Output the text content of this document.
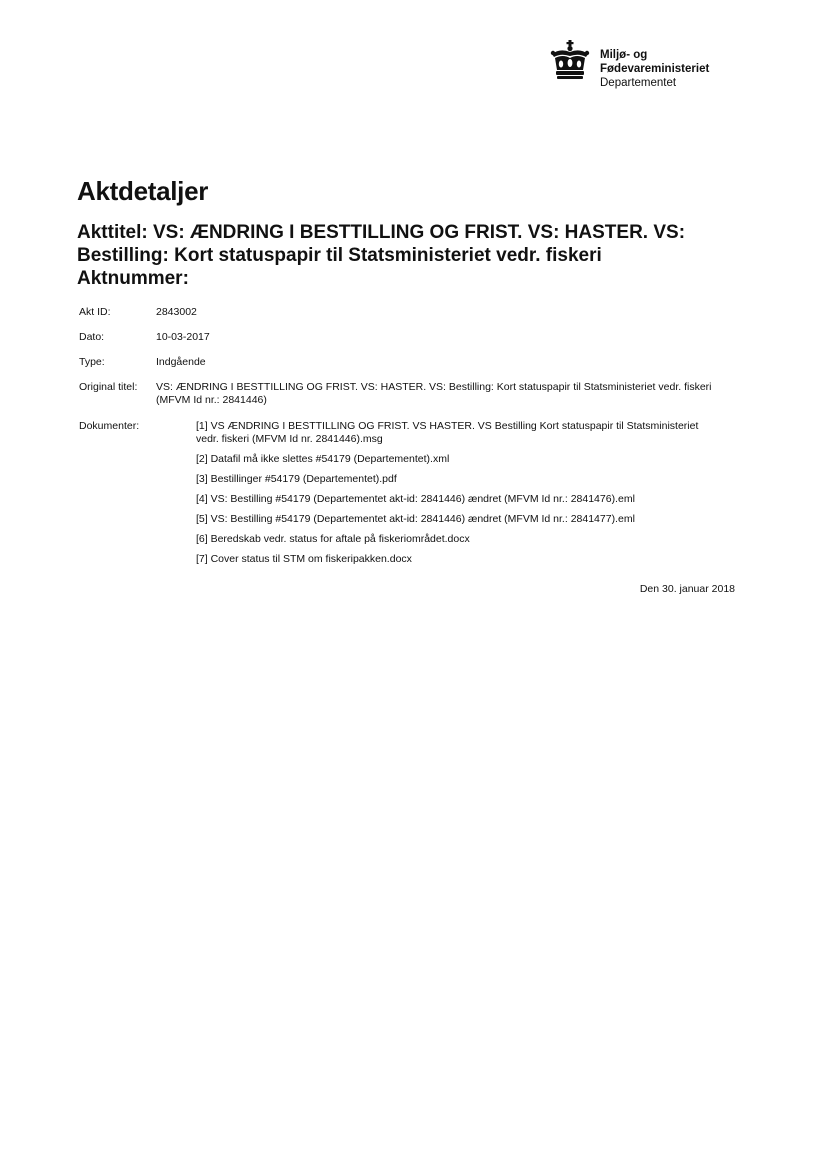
Miljø- og
Fødevareministeriet
Departementet
Aktdetaljer
Akttitel: VS: ÆNDRING I BESTTILLING OG FRIST. VS: HASTER. VS:
Bestilling: Kort statuspapir til Statsministeriet vedr. fiskeri
Aktnummer:
Akt ID:	2843002
Dato:	10-03-2017
Type:	Indgående
Original titel:	VS: ÆNDRING I BESTTILLING OG FRIST. VS: HASTER. VS: Bestilling: Kort statuspapir til Statsministeriet vedr. fiskeri
(MFVM Id nr.: 2841446)
Dokumenter:	[1] VS ÆNDRING I BESTTILLING OG FRIST. VS HASTER. VS Bestilling Kort statuspapir til Statsministeriet
vedr. fiskeri (MFVM Id nr. 2841446).msg
[2] Datafil må ikke slettes #54179 (Departementet).xml
[3] Bestillinger #54179 (Departementet).pdf
[4] VS: Bestilling #54179 (Departementet akt-id: 2841446) ændret (MFVM Id nr.: 2841476).eml
[5] VS: Bestilling #54179 (Departementet akt-id: 2841446) ændret (MFVM Id nr.: 2841477).eml
[6] Beredskab vedr. status for aftale på fiskeriområdet.docx
[7] Cover status til STM om fiskeripakken.docx
Den 30. januar 2018
